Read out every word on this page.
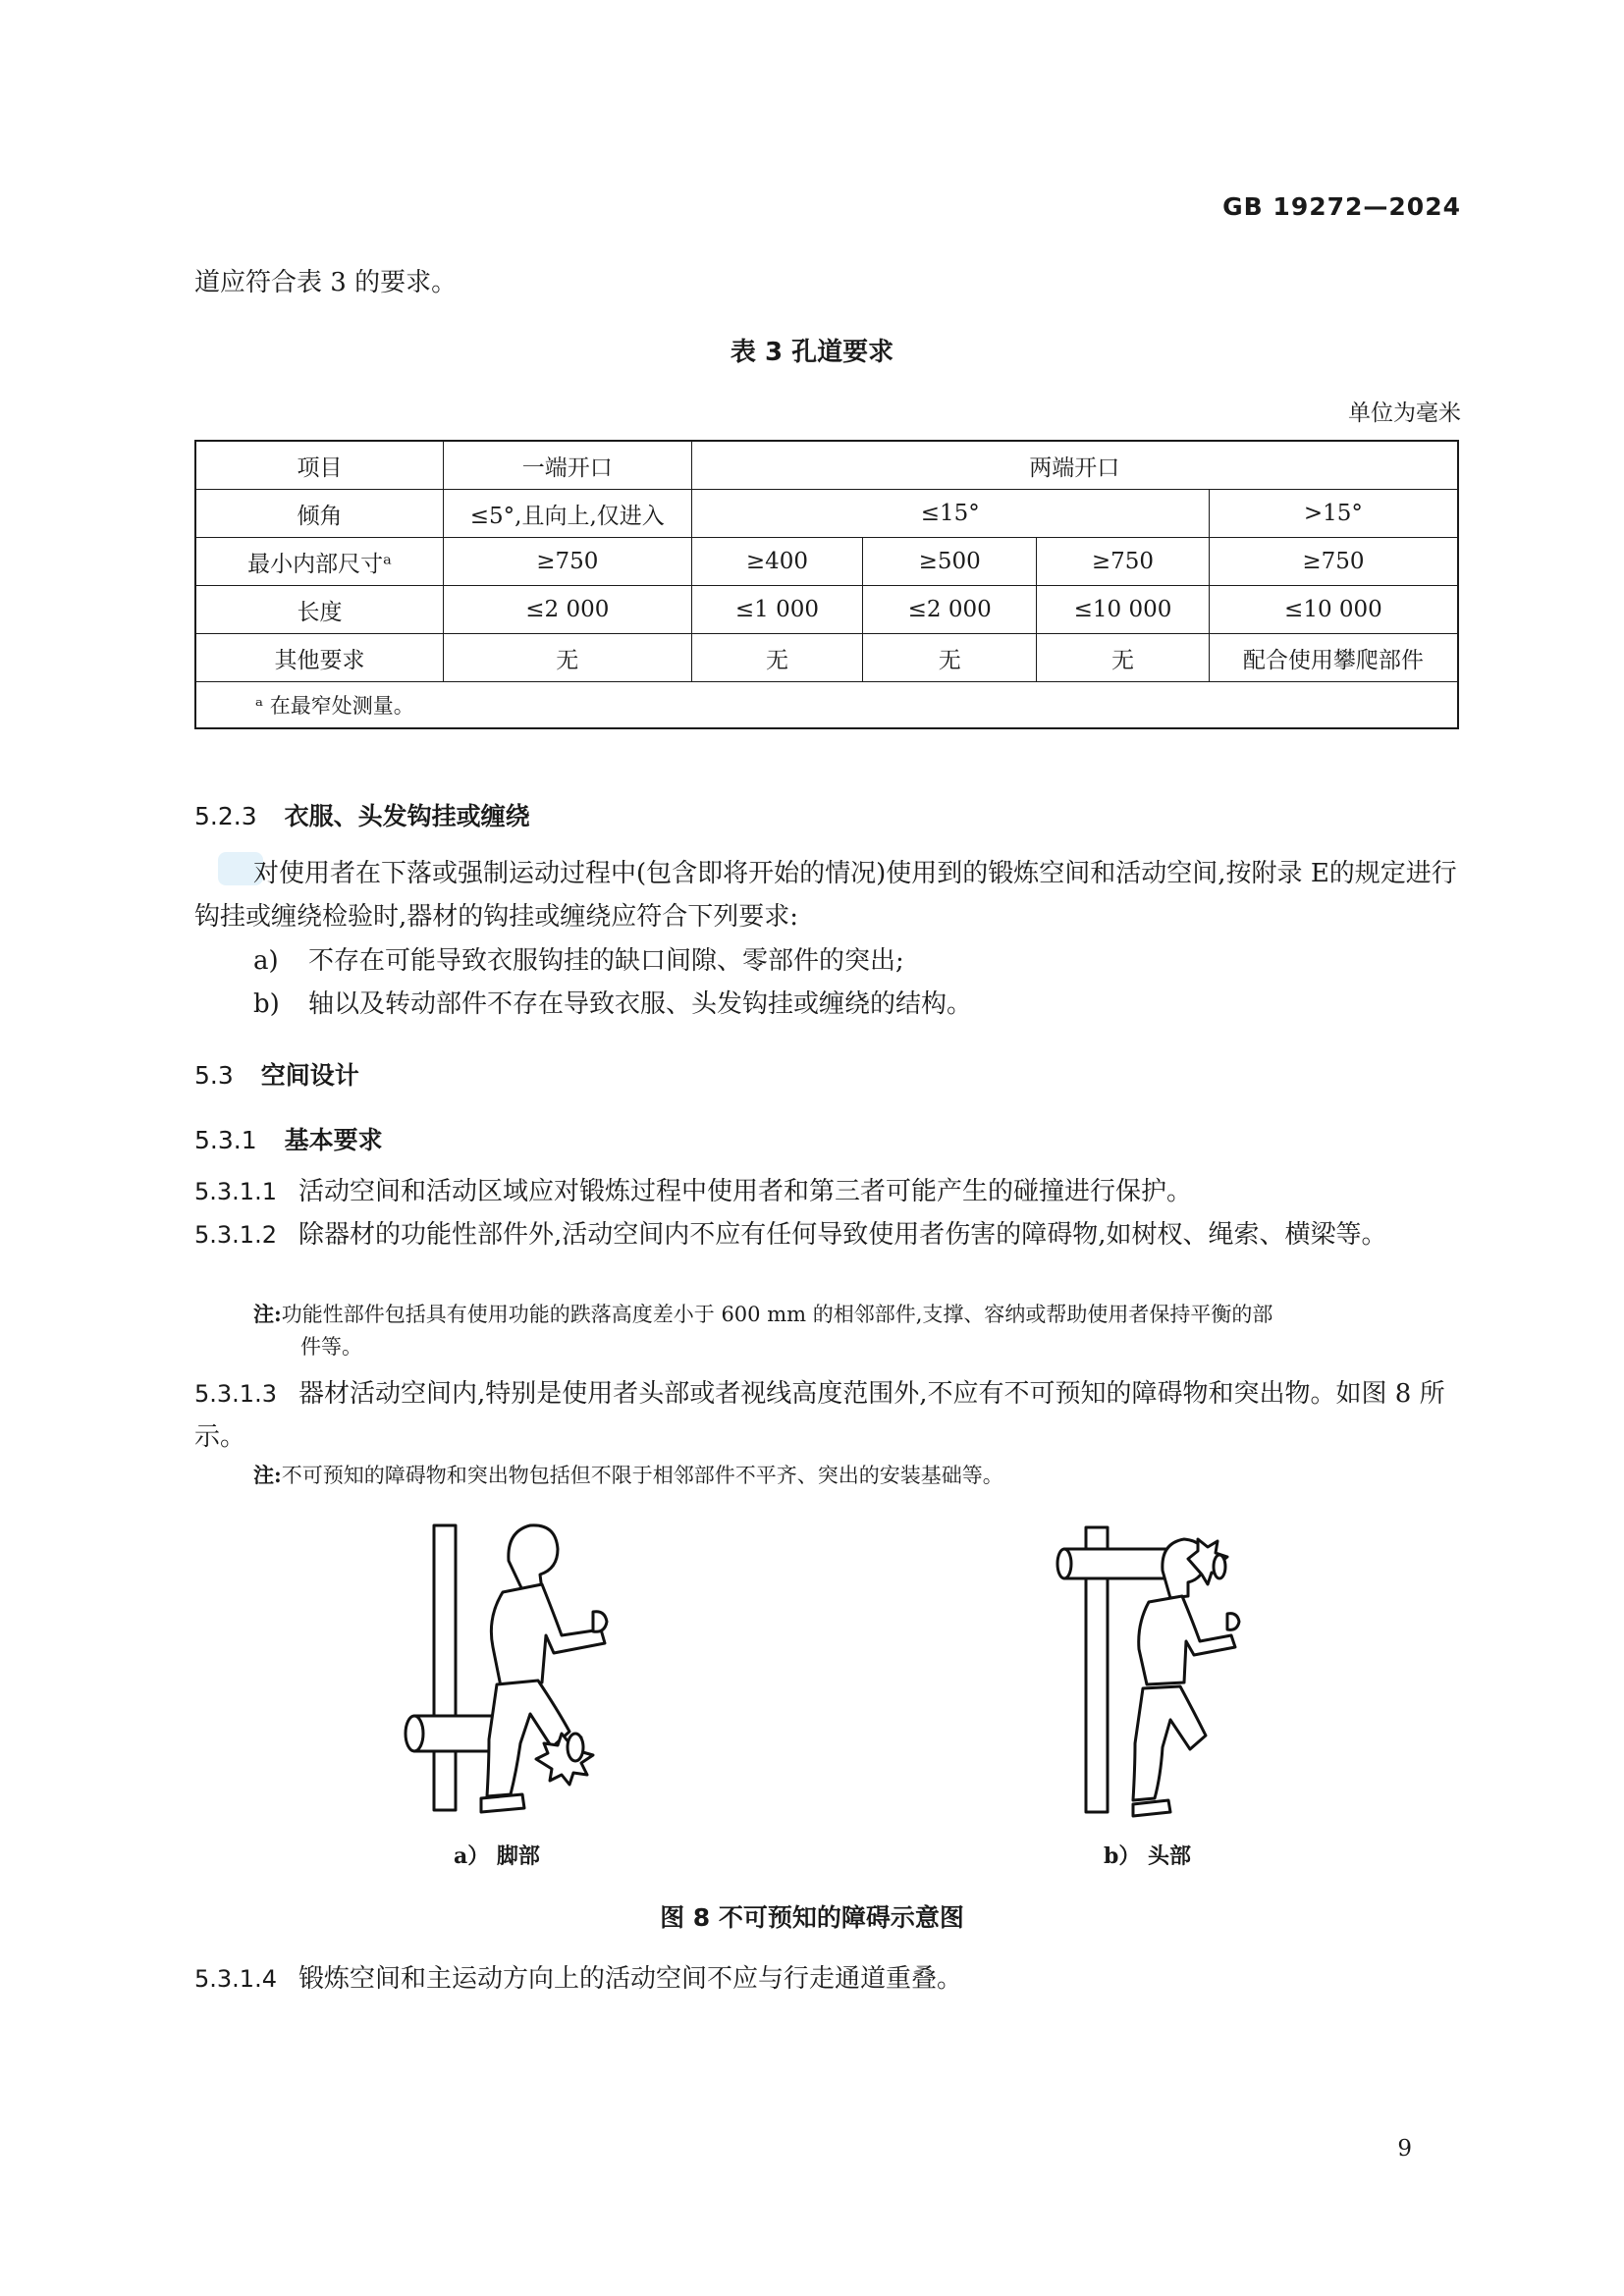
GB 19272—2024
道应符合表 3 的要求。
表 3 孔道要求
单位为毫米
项目	一端开口	两端开口			
倾角	≤5°,且向上,仅进入	≤15°			>15°
最小内部尺寸ᵃ	≥750	≥400	≥500	≥750	≥750
长度	≤2 000	≤1 000	≤2 000	≤10 000	≤10 000
其他要求	无	无	无	无	配合使用攀爬部件
ᵃ 在最窄处测量。					
5.2.3 衣服、头发钩挂或缠绕
对使用者在下落或强制运动过程中(包含即将开始的情况)使用到的锻炼空间和活动空间,按附录 E的规定进行钩挂或缠绕检验时,器材的钩挂或缠绕应符合下列要求:
a) 不存在可能导致衣服钩挂的缺口间隙、零部件的突出;
b) 轴以及转动部件不存在导致衣服、头发钩挂或缠绕的结构。
5.3 空间设计
5.3.1 基本要求
5.3.1.1 活动空间和活动区域应对锻炼过程中使用者和第三者可能产生的碰撞进行保护。
5.3.1.2 除器材的功能性部件外,活动空间内不应有任何导致使用者伤害的障碍物,如树杈、绳索、横梁等。
注:功能性部件包括具有使用功能的跌落高度差小于 600 mm 的相邻部件,支撑、容纳或帮助使用者保持平衡的部
件等。
5.3.1.3 器材活动空间内,特别是使用者头部或者视线高度范围外,不应有不可预知的障碍物和突出物。如图 8 所示。
注:不可预知的障碍物和突出物包括但不限于相邻部件不平齐、突出的安装基础等。
a） 脚部	b） 头部
图 8 不可预知的障碍示意图
5.3.1.4 锻炼空间和主运动方向上的活动空间不应与行走通道重叠。
9
